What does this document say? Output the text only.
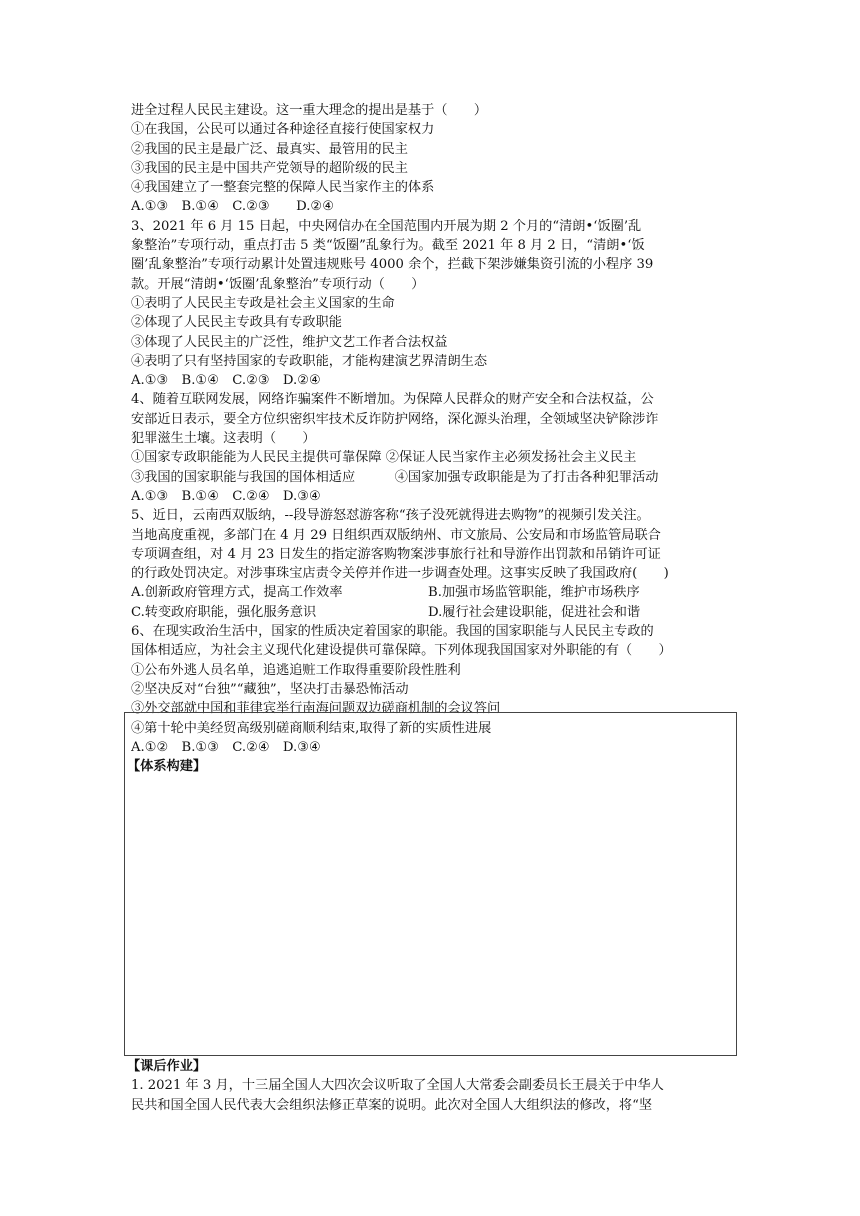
进全过程人民民主建设。这一重大理念的提出是基于（　　）
①在我国，公民可以通过各种途径直接行使国家权力
②我国的民主是最广泛、最真实、最管用的民主
③我国的民主是中国共产党领导的超阶级的民主
④我国建立了一整套完整的保障人民当家作主的体系
A.①③　B.①④　C.②③　　D.②④
3、2021 年 6 月 15 日起，中央网信办在全国范围内开展为期 2 个月的“清朗•‘饭圈’乱
象整治”专项行动，重点打击 5 类“饭圈”乱象行为。截至 2021 年 8 月 2 日，“清朗•‘饭
圈’乱象整治”专项行动累计处置违规账号 4000 余个，拦截下架涉嫌集资引流的小程序 39
款。开展“清朗•‘饭圈’乱象整治”专项行动（　　）
①表明了人民民主专政是社会主义国家的生命
②体现了人民民主专政具有专政职能
③体现了人民民主的广泛性，维护文艺工作者合法权益
④表明了只有坚持国家的专政职能，才能构建演艺界清朗生态
A.①③　B.①④　C.②③　D.②④
4、随着互联网发展，网络诈骗案件不断增加。为保障人民群众的财产安全和合法权益，公
安部近日表示，要全方位织密织牢技术反诈防护网络，深化源头治理，全领域坚决铲除涉诈
犯罪滋生土壤。这表明（　　）
①国家专政职能能为人民民主提供可靠保障 ②保证人民当家作主必须发扬社会主义民主
③我国的国家职能与我国的国体相适应　　　④国家加强专政职能是为了打击各种犯罪活动
A.①③　B.①④　C.②④　D.③④
5、近日，云南西双版纳，--段导游怒怼游客称“孩子没死就得进去购物”的视频引发关注。
当地高度重视，多部门在 4 月 29 日组织西双版纳州、市文旅局、公安局和市场监管局联合
专项调查组，对 4 月 23 日发生的指定游客购物案涉事旅行社和导游作出罚款和吊销许可证
的行政处罚决定。对涉事珠宝店责令关停并作进一步调查处理。这事实反映了我国政府(　　)
A.创新政府管理方式，提高工作效率	B.加强市场监管职能，维护市场秩序
C.转变政府职能，强化服务意识	D.履行社会建设职能，促进社会和谐
6、在现实政治生活中，国家的性质决定着国家的职能。我国的国家职能与人民民主专政的
国体相适应，为社会主义现代化建设提供可靠保障。下列体现我国国家对外职能的有（　　）
①公布外逃人员名单，追逃追赃工作取得重要阶段性胜利
②坚决反对“台独”“藏独”，坚决打击暴恐怖活动
③外交部就中国和菲律宾举行南海问题双边磋商机制的会议答问
④第十轮中美经贸高级别磋商顺利结束,取得了新的实质性进展
A.①②　B.①③　C.②④　D.③④
【体系构建】
【课后作业】
1. 2021 年 3 月，十三届全国人大四次会议听取了全国人大常委会副委员长王晨关于中华人
民共和国全国人民代表大会组织法修正草案的说明。此次对全国人大组织法的修改，将“坚
